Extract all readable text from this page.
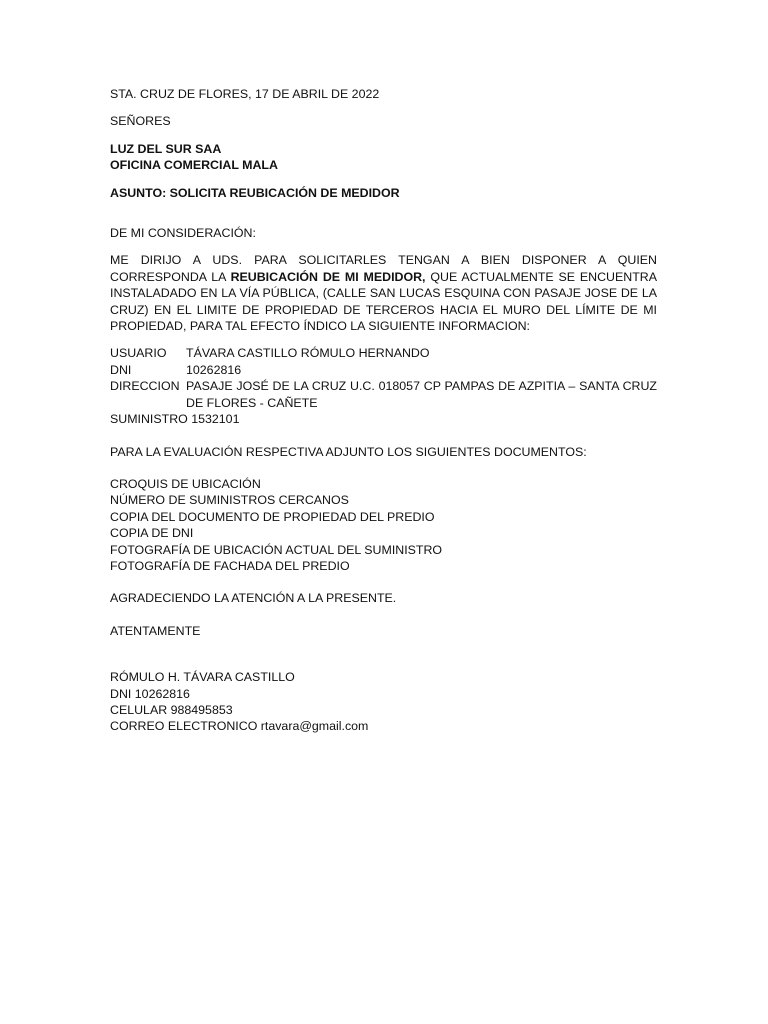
STA. CRUZ DE FLORES, 17 DE ABRIL DE 2022
SEÑORES
LUZ DEL SUR SAA
OFICINA COMERCIAL MALA
ASUNTO: SOLICITA REUBICACIÓN DE MEDIDOR
DE MI CONSIDERACIÓN:
ME DIRIJO A UDS. PARA SOLICITARLES TENGAN A BIEN DISPONER A QUIEN CORRESPONDA LA REUBICACIÓN DE MI MEDIDOR, QUE ACTUALMENTE SE ENCUENTRA INSTALADADO EN LA VÍA PÚBLICA, (CALLE SAN LUCAS ESQUINA CON PASAJE JOSE DE LA CRUZ) EN EL LIMITE DE PROPIEDAD DE TERCEROS HACIA EL MURO DEL LÍMITE DE MI PROPIEDAD, PARA TAL EFECTO ÍNDICO LA SIGUIENTE INFORMACION:
USUARIO	TÁVARA CASTILLO RÓMULO HERNANDO
DNI	10262816
DIRECCION PASAJE JOSÉ DE LA CRUZ U.C. 018057 CP PAMPAS DE AZPITIA – SANTA CRUZ DE FLORES - CAÑETE
SUMINISTRO 1532101
PARA LA EVALUACIÓN RESPECTIVA ADJUNTO LOS SIGUIENTES DOCUMENTOS:
CROQUIS DE UBICACIÓN
NÚMERO DE SUMINISTROS CERCANOS
COPIA DEL DOCUMENTO DE PROPIEDAD DEL PREDIO
COPIA DE DNI
FOTOGRAFÍA DE UBICACIÓN ACTUAL DEL SUMINISTRO
FOTOGRAFÍA DE FACHADA DEL PREDIO
AGRADECIENDO LA ATENCIÓN A LA PRESENTE.
ATENTAMENTE
RÓMULO H. TÁVARA CASTILLO
DNI 10262816
CELULAR 988495853
CORREO ELECTRONICO rtavara@gmail.com
